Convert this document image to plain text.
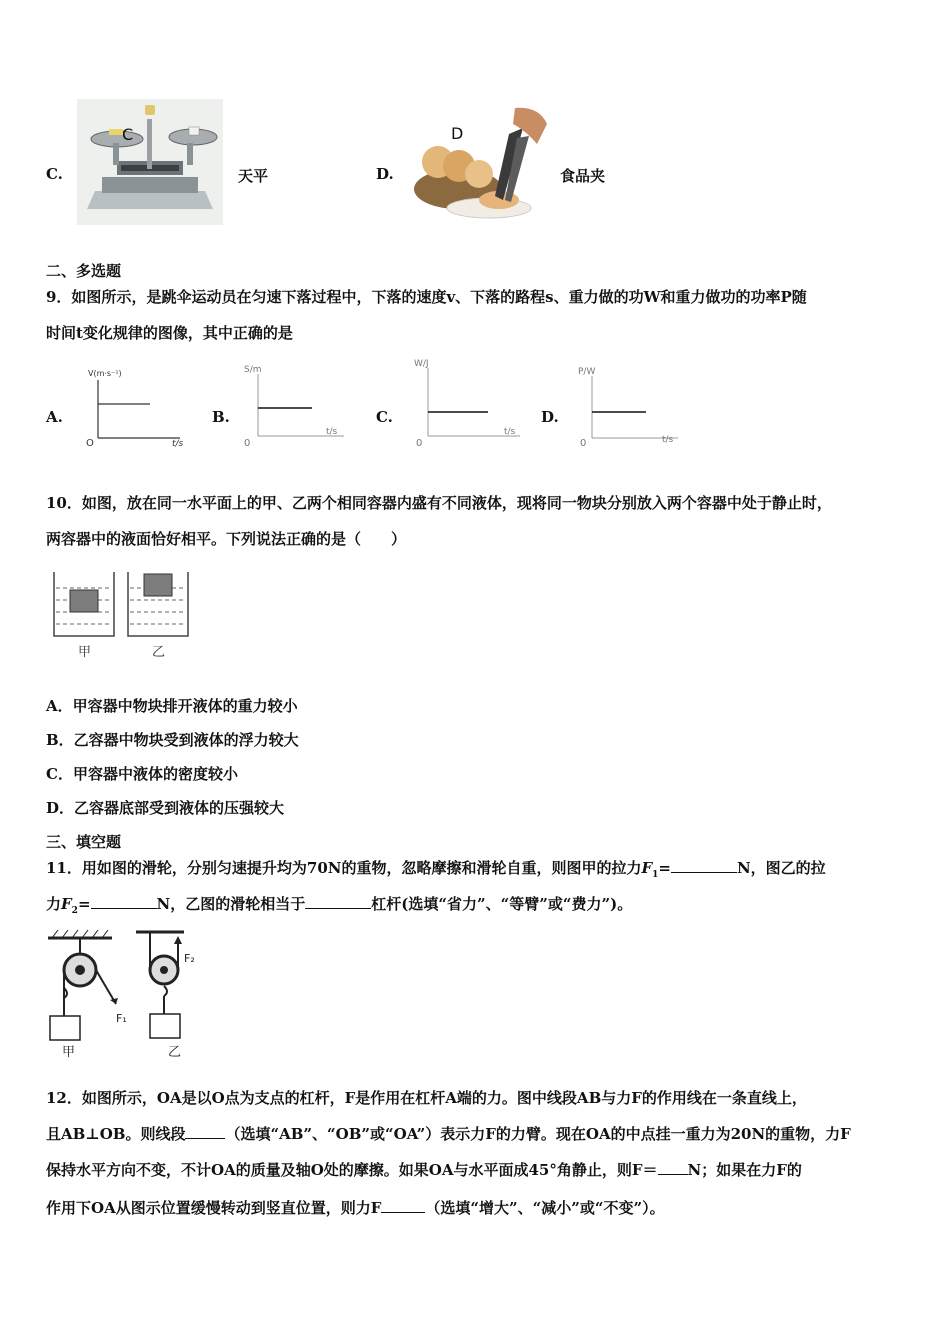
C.
C
天平	D.
D
食品夹
二、多选题
9．如图所示，是跳伞运动员在匀速下落过程中，下落的速度v、下落的路程s、重力做的功W和重力做功的功率P随
时间t变化规律的图像，其中正确的是
A.
V(m·s⁻¹)
t/s
O
B.
S/m
t/s
0
C.
W/J
t/s
0
D.
P/W
t/s
0
10．如图，放在同一水平面上的甲、乙两个相同容器内盛有不同液体，现将同一物块分别放入两个容器中处于静止时，
两容器中的液面恰好相平。下列说法正确的是（　　）
甲	乙
A．甲容器中物块排开液体的重力较小
B．乙容器中物块受到液体的浮力较大
C．甲容器中液体的密度较小
D．乙容器底部受到液体的压强较大
三、填空题
11．用如图的滑轮，分别匀速提升均为70N的重物，忽略摩擦和滑轮自重，则图甲的拉力$F_1=$	N，图乙的拉
力$F_2=$	N，乙图的滑轮相当于	杠杆(选填“省力”、“等臂”或“费力”)。
F₁
甲
F₂
乙
12．如图所示，OA是以O点为支点的杠杆，F是作用在杠杆A端的力。图中线段AB与力F的作用线在一条直线上，
且AB⊥OB。则线段	（选填“AB”、“OB”或“OA”）表示力F的力臂。现在OA的中点挂一重力为20N的重物，力F
保持水平方向不变，不计OA的质量及轴O处的摩擦。如果OA与水平面成45°角静止，则F＝ N；如果在力F的
作用下OA从图示位置缓慢转动到竖直位置，则力F	（选填“增大”、“减小”或“不变”）。
